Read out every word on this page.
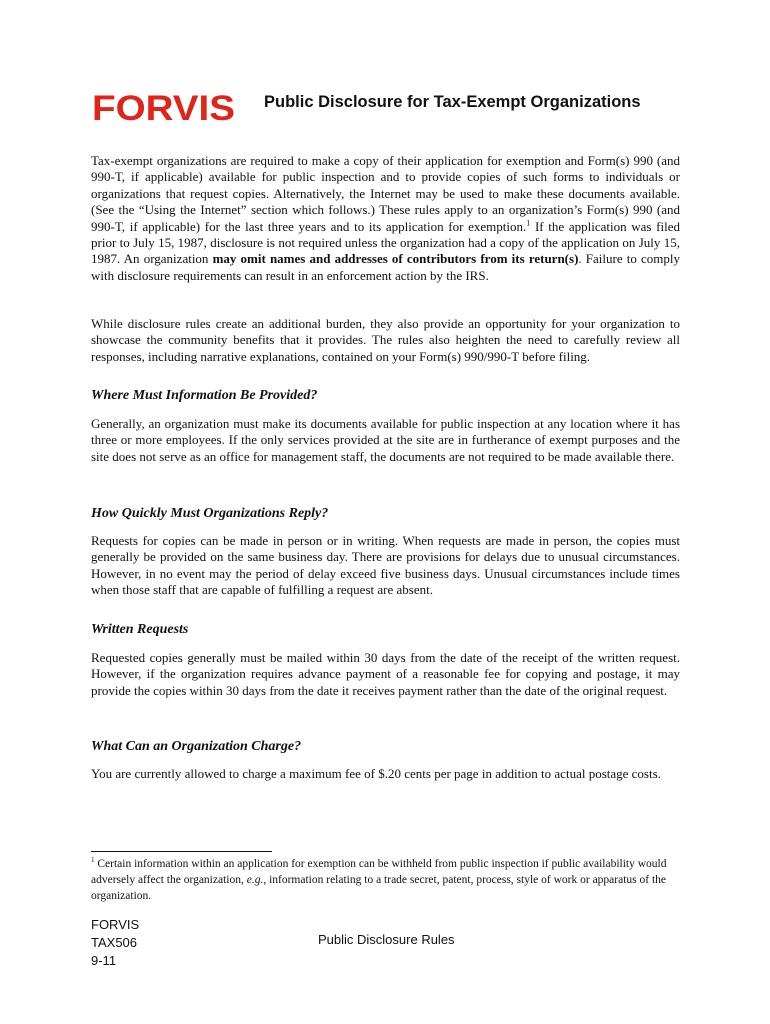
FORVIS Public Disclosure for Tax-Exempt Organizations

Tax-exempt organizations are required to make a copy of their application for exemption and Form(s) 990 (and 990-T, if applicable) available for public inspection and to provide copies of such forms to individuals or organizations that request copies. Alternatively, the Internet may be used to make these documents available. (See the “Using the Internet” section which follows.) These rules apply to an organization’s Form(s) 990 (and 990-T, if applicable) for the last three years and to its application for exemption.$^1$ If the application was filed prior to July 15, 1987, disclosure is not required unless the organization had a copy of the application on July 15, 1987. An organization may omit names and addresses of contributors from its return(s). Failure to comply with disclosure requirements can result in an enforcement action by the IRS.

While disclosure rules create an additional burden, they also provide an opportunity for your organization to showcase the community benefits that it provides. The rules also heighten the need to carefully review all responses, including narrative explanations, contained on your Form(s) 990/990-T before filing.

Where Must Information Be Provided?

Generally, an organization must make its documents available for public inspection at any location where it has three or more employees. If the only services provided at the site are in furtherance of exempt purposes and the site does not serve as an office for management staff, the documents are not required to be made available there.

How Quickly Must Organizations Reply?

Requests for copies can be made in person or in writing. When requests are made in person, the copies must generally be provided on the same business day. There are provisions for delays due to unusual circumstances. However, in no event may the period of delay exceed five business days. Unusual circumstances include times when those staff that are capable of fulfilling a request are absent.

Written Requests

Requested copies generally must be mailed within 30 days from the date of the receipt of the written request. However, if the organization requires advance payment of a reasonable fee for copying and postage, it may provide the copies within 30 days from the date it receives payment rather than the date of the original request.

What Can an Organization Charge?

You are currently allowed to charge a maximum fee of $.20 cents per page in addition to actual postage costs.

$^1$ Certain information within an application for exemption can be withheld from public inspection if public availability would adversely affect the organization, e.g., information relating to a trade secret, patent, process, style of work or apparatus of the organization.

FORVIS
TAX506
9-11
Public Disclosure Rules
